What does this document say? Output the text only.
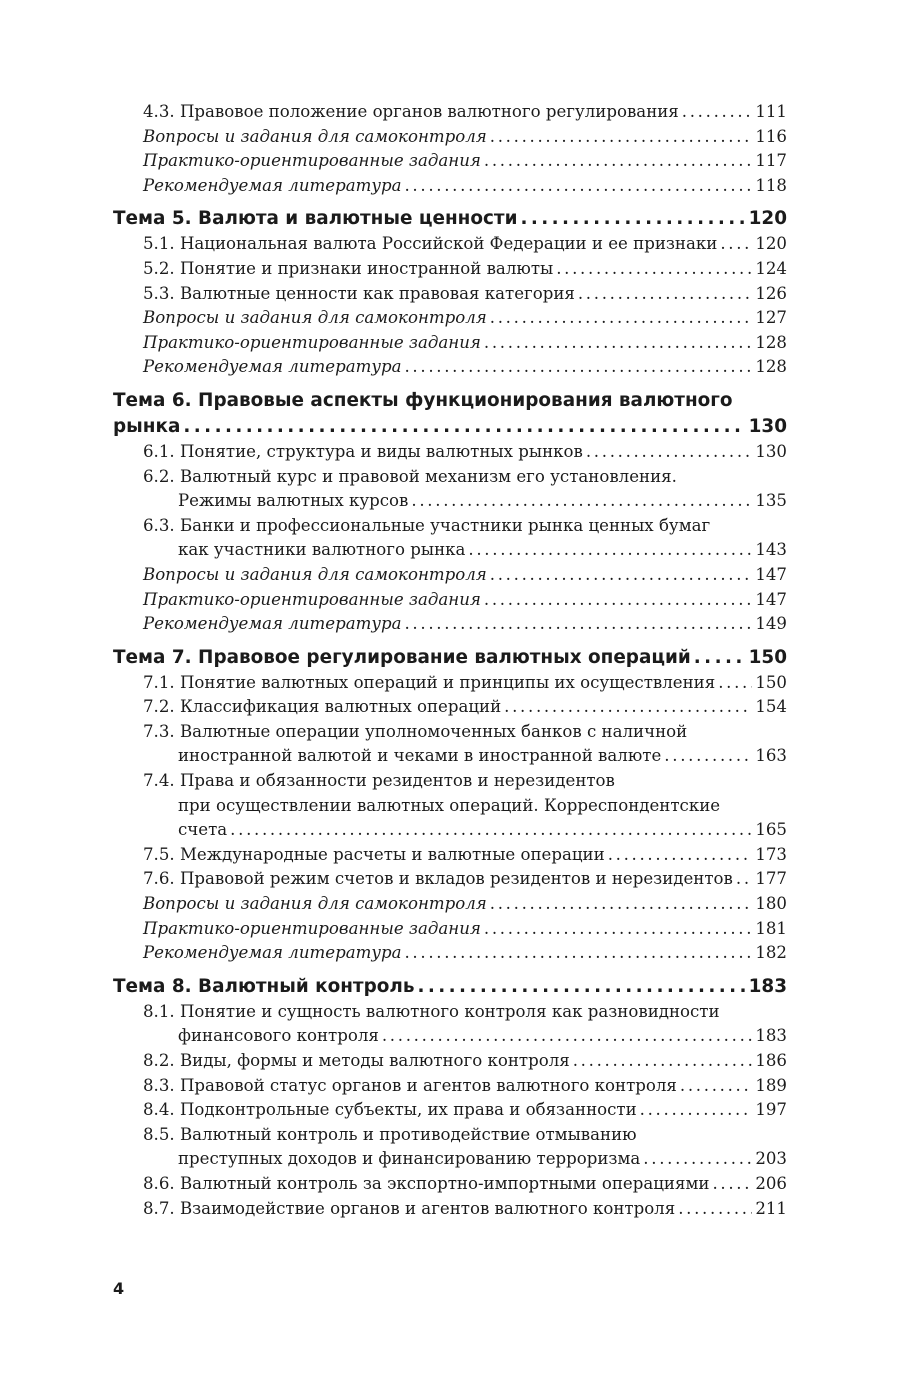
4.3. Правовое положение органов валютного регулирования . . .	111
Вопросы и задания для самоконтроля . . .	116
Практико-ориентированные задания . . .	117
Рекомендуемая литература . . .	118
Тема 5. Валюта и валютные ценности . . .	120
5.1. Национальная валюта Российской Федерации и ее признаки . . . 120
5.2. Понятие и признаки иностранной валюты . . .	124
5.3. Валютные ценности как правовая категория . . .	126
Вопросы и задания для самоконтроля . . .	127
Практико-ориентированные задания . . .	128
Рекомендуемая литература . . .	128
Тема 6. Правовые аспекты функционирования валютного
рынка . . .	130
6.1. Понятие, структура и виды валютных рынков . . .	130
6.2. Валютный курс и правовой механизм его установления.
Режимы валютных курсов . . .	135
6.3. Банки и профессиональные участники рынка ценных бумаг
как участники валютного рынка . . .	143
Вопросы и задания для самоконтроля . . .	147
Практико-ориентированные задания . . .	147
Рекомендуемая литература . . .	149
Тема 7. Правовое регулирование валютных операций . . .	150
7.1. Понятие валютных операций и принципы их осуществления . . . 150
7.2. Классификация валютных операций . . .	154
7.3. Валютные операции уполномоченных банков с наличной
иностранной валютой и чеками в иностранной валюте . . .	163
7.4. Права и обязанности резидентов и нерезидентов
при осуществлении валютных операций. Корреспондентские
счета . . .	165
7.5. Международные расчеты и валютные операции . . .	173
7.6. Правовой режим счетов и вкладов резидентов и нерезидентов . . . 177
Вопросы и задания для самоконтроля . . .	180
Практико-ориентированные задания . . .	181
Рекомендуемая литература . . .	182
Тема 8. Валютный контроль . . .	183
8.1. Понятие и сущность валютного контроля как разновидности
финансового контроля . . .	183
8.2. Виды, формы и методы валютного контроля . . .	186
8.3. Правовой статус органов и агентов валютного контроля . . .	189
8.4. Подконтрольные субъекты, их права и обязанности . . .	197
8.5. Валютный контроль и противодействие отмыванию
преступных доходов и финансированию терроризма . . .	203
8.6. Валютный контроль за экспортно-импортными операциями . . .	206
8.7. Взаимодействие органов и агентов валютного контроля . . .	211
4
